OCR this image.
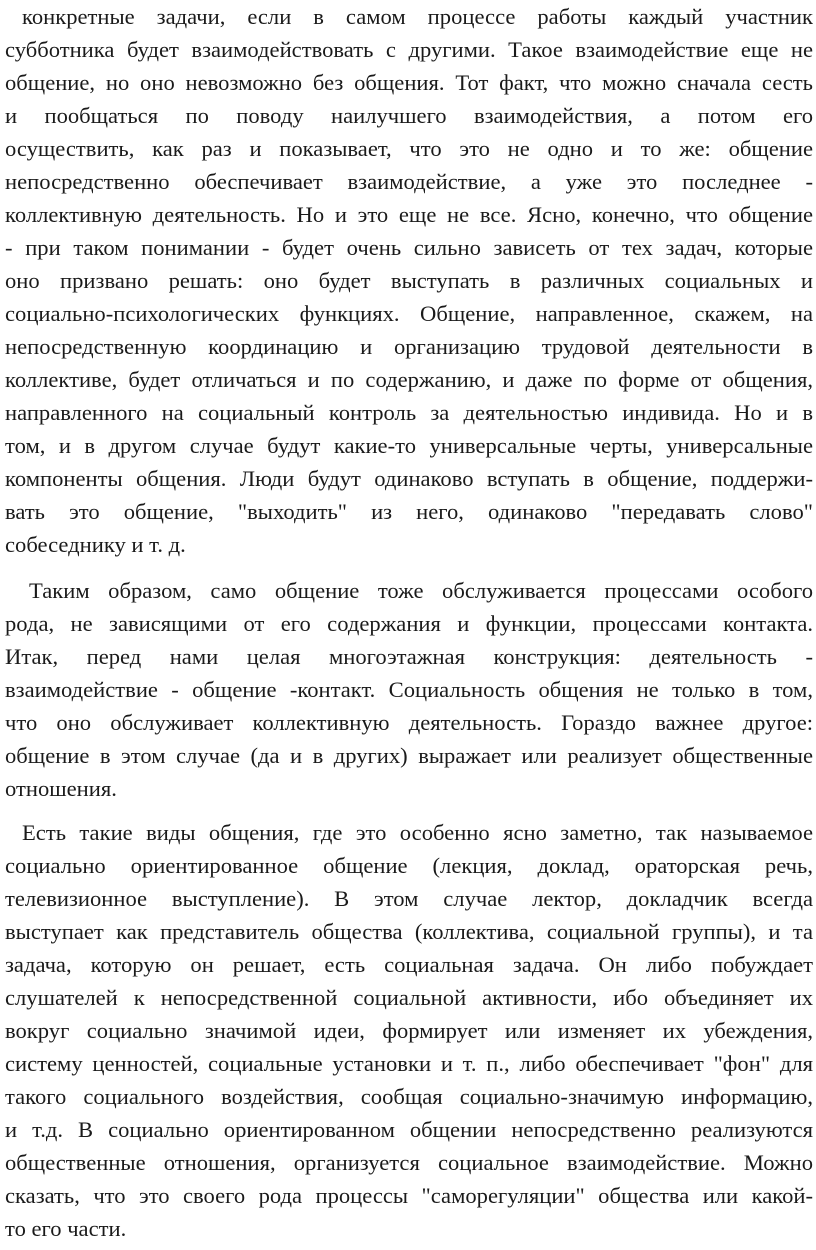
конкретные задачи, если в самом процессе работы каждый участник
субботника будет взаимодействовать с другими. Такое взаимодействие еще не
общение, но оно невозможно без общения. Тот факт, что можно сначала сесть
и пообщаться по поводу наилучшего взаимодействия, а потом его
осуществить, как раз и показывает, что это не одно и то же: общение
непосредственно обеспечивает взаимодействие, а уже это последнее -
коллективную деятельность. Но и это еще не все. Ясно, конечно, что общение
- при таком понимании - будет очень сильно зависеть от тех задач, которые
оно призвано решать: оно будет выступать в различных социальных и
социально-психологических функциях. Общение, направленное, скажем, на
непосредственную координацию и организацию трудовой деятельности в
коллективе, будет отличаться и по содержанию, и даже по форме от общения,
направленного на социальный контроль за деятельностью индивида. Но и в
том, и в другом случае будут какие-то универсальные черты, универсальные
компоненты общения. Люди будут одинаково вступать в общение, поддержи-
вать это общение, "выходить" из него, одинаково "передавать слово"
собеседнику и т. д.
Таким образом, само общение тоже обслуживается процессами особого
рода, не зависящими от его содержания и функции, процессами контакта.
Итак, перед нами целая многоэтажная конструкция: деятельность -
взаимодействие - общение -контакт. Социальность общения не только в том,
что оно обслуживает коллективную деятельность. Гораздо важнее другое:
общение в этом случае (да и в других) выражает или реализует общественные
отношения.
Есть такие виды общения, где это особенно ясно заметно, так называемое
социально ориентированное общение (лекция, доклад, ораторская речь,
телевизионное выступление). В этом случае лектор, докладчик всегда
выступает как представитель общества (коллектива, социальной группы), и та
задача, которую он решает, есть социальная задача. Он либо побуждает
слушателей к непосредственной социальной активности, ибо объединяет их
вокруг социально значимой идеи, формирует или изменяет их убеждения,
систему ценностей, социальные установки и т. п., либо обеспечивает "фон" для
такого социального воздействия, сообщая социально-значимую информацию,
и т.д. В социально ориентированном общении непосредственно реализуются
общественные отношения, организуется социальное взаимодействие. Можно
сказать, что это своего рода процессы "саморегуляции" общества или какой-
то его части.
